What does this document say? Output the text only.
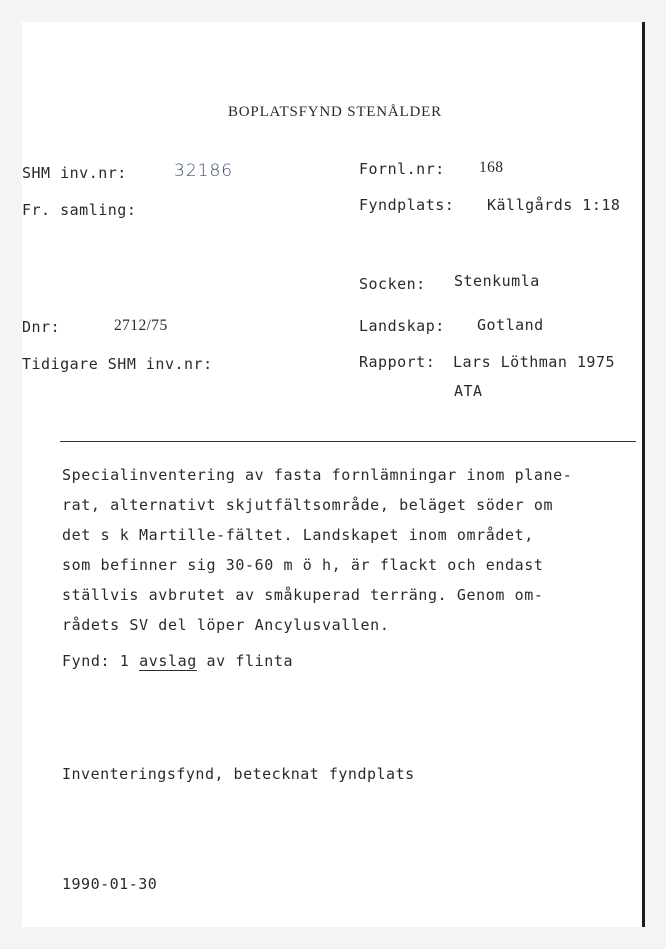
BOPLATSFYND STENÅLDER
SHM inv.nr:	32186
Fr. samling:
Dnr:	2712/75
Tidigare SHM inv.nr:
Fornl.nr: 168
Fyndplats: Källgårds 1:18
Socken: Stenkumla
Landskap: Gotland
Rapport: Lars Löthman 1975
ATA

Specialinventering av fasta fornlämningar inom plane-

rat, alternativt skjutfältsområde, beläget söder om

det s k Martille-fältet. Landskapet inom området,

som befinner sig 30-60 m ö h, är flackt och endast

ställvis avbrutet av småkuperad terräng. Genom om-

rådets SV del löper Ancylusvallen.

Fynd: 1 avslag av flinta

Inventeringsfynd, betecknat fyndplats
1990-01-30
